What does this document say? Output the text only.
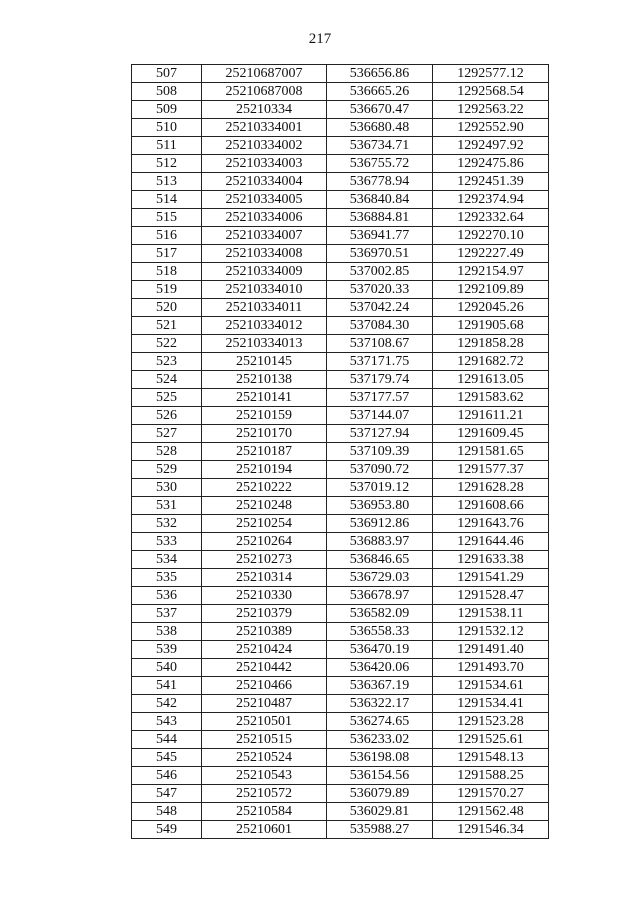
217
507	25210687007	536656.86	1292577.12
508	25210687008	536665.26	1292568.54
509	25210334	536670.47	1292563.22
510	25210334001	536680.48	1292552.90
511	25210334002	536734.71	1292497.92
512	25210334003	536755.72	1292475.86
513	25210334004	536778.94	1292451.39
514	25210334005	536840.84	1292374.94
515	25210334006	536884.81	1292332.64
516	25210334007	536941.77	1292270.10
517	25210334008	536970.51	1292227.49
518	25210334009	537002.85	1292154.97
519	25210334010	537020.33	1292109.89
520	25210334011	537042.24	1292045.26
521	25210334012	537084.30	1291905.68
522	25210334013	537108.67	1291858.28
523	25210145	537171.75	1291682.72
524	25210138	537179.74	1291613.05
525	25210141	537177.57	1291583.62
526	25210159	537144.07	1291611.21
527	25210170	537127.94	1291609.45
528	25210187	537109.39	1291581.65
529	25210194	537090.72	1291577.37
530	25210222	537019.12	1291628.28
531	25210248	536953.80	1291608.66
532	25210254	536912.86	1291643.76
533	25210264	536883.97	1291644.46
534	25210273	536846.65	1291633.38
535	25210314	536729.03	1291541.29
536	25210330	536678.97	1291528.47
537	25210379	536582.09	1291538.11
538	25210389	536558.33	1291532.12
539	25210424	536470.19	1291491.40
540	25210442	536420.06	1291493.70
541	25210466	536367.19	1291534.61
542	25210487	536322.17	1291534.41
543	25210501	536274.65	1291523.28
544	25210515	536233.02	1291525.61
545	25210524	536198.08	1291548.13
546	25210543	536154.56	1291588.25
547	25210572	536079.89	1291570.27
548	25210584	536029.81	1291562.48
549	25210601	535988.27	1291546.34
